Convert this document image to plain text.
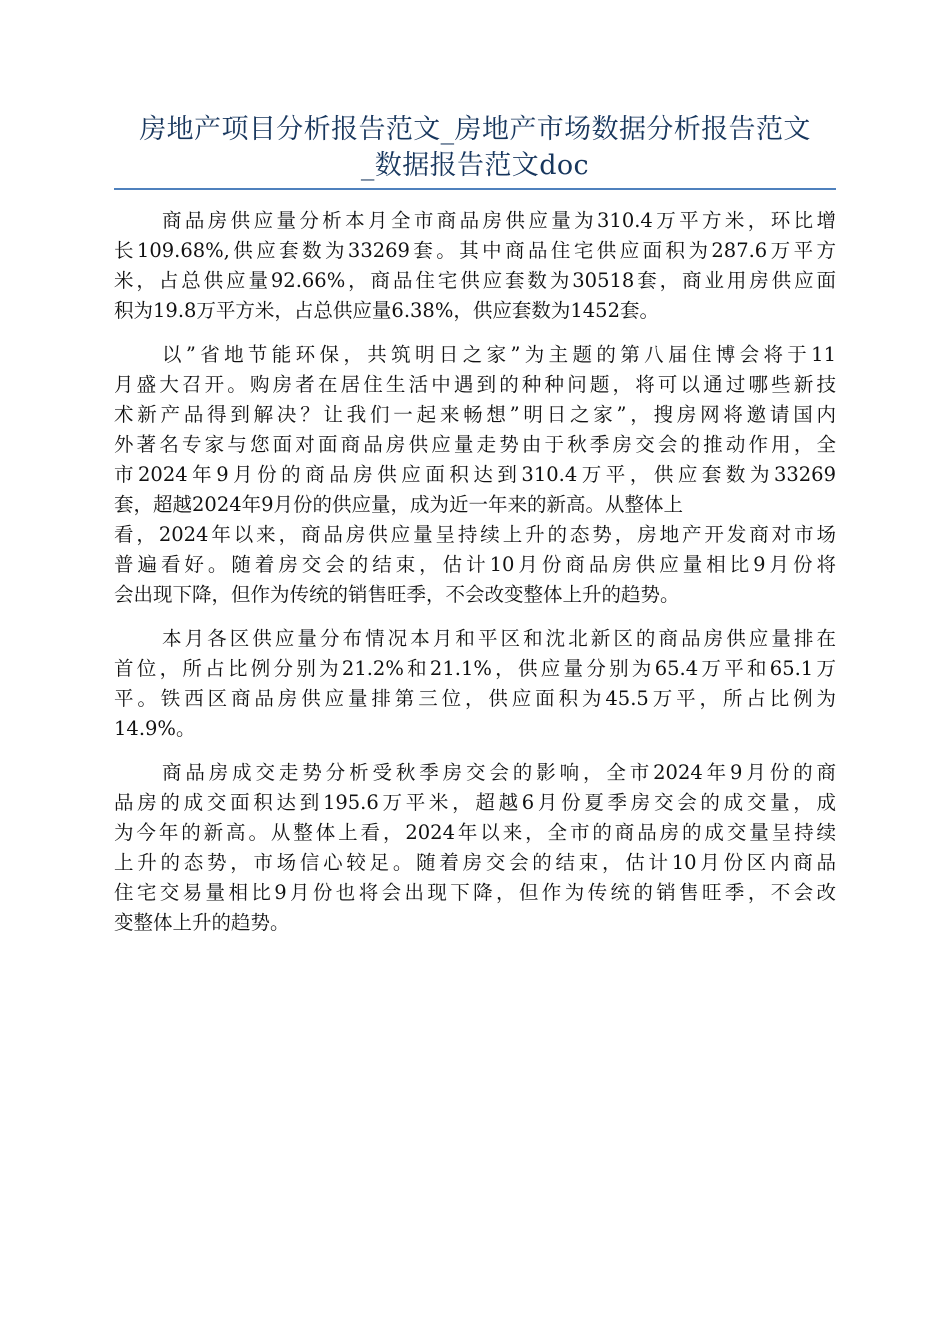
房地产项目分析报告范文_房地产市场数据分析报告范文
_数据报告范文doc
商品房供应量分析本月全市商品房供应量为310.4万平方米，环比增
长109.68%,供应套数为33269套。其中商品住宅供应面积为287.6万平方
米，占总供应量92.66%，商品住宅供应套数为30518套，商业用房供应面
积为19.8万平方米，占总供应量6.38%，供应套数为1452套。
以”省地节能环保，共筑明日之家”为主题的第八届住博会将于11
月盛大召开。购房者在居住生活中遇到的种种问题，将可以通过哪些新技
术新产品得到解决？让我们一起来畅想”明日之家”，搜房网将邀请国内
外著名专家与您面对面商品房供应量走势由于秋季房交会的推动作用，全
市2024年9月份的商品房供应面积达到310.4万平，供应套数为33269
套，超越2024年9月份的供应量，成为近一年来的新高。从整体上
看，2024年以来，商品房供应量呈持续上升的态势，房地产开发商对市场
普遍看好。随着房交会的结束，估计10月份商品房供应量相比9月份将
会出现下降，但作为传统的销售旺季，不会改变整体上升的趋势。
本月各区供应量分布情况本月和平区和沈北新区的商品房供应量排在
首位，所占比例分别为21.2%和21.1%，供应量分别为65.4万平和65.1万
平。铁西区商品房供应量排第三位，供应面积为45.5万平，所占比例为
14.9%。
商品房成交走势分析受秋季房交会的影响，全市2024年9月份的商
品房的成交面积达到195.6万平米，超越6月份夏季房交会的成交量，成
为今年的新高。从整体上看，2024年以来，全市的商品房的成交量呈持续
上升的态势，市场信心较足。随着房交会的结束，估计10月份区内商品
住宅交易量相比9月份也将会出现下降，但作为传统的销售旺季，不会改
变整体上升的趋势。
